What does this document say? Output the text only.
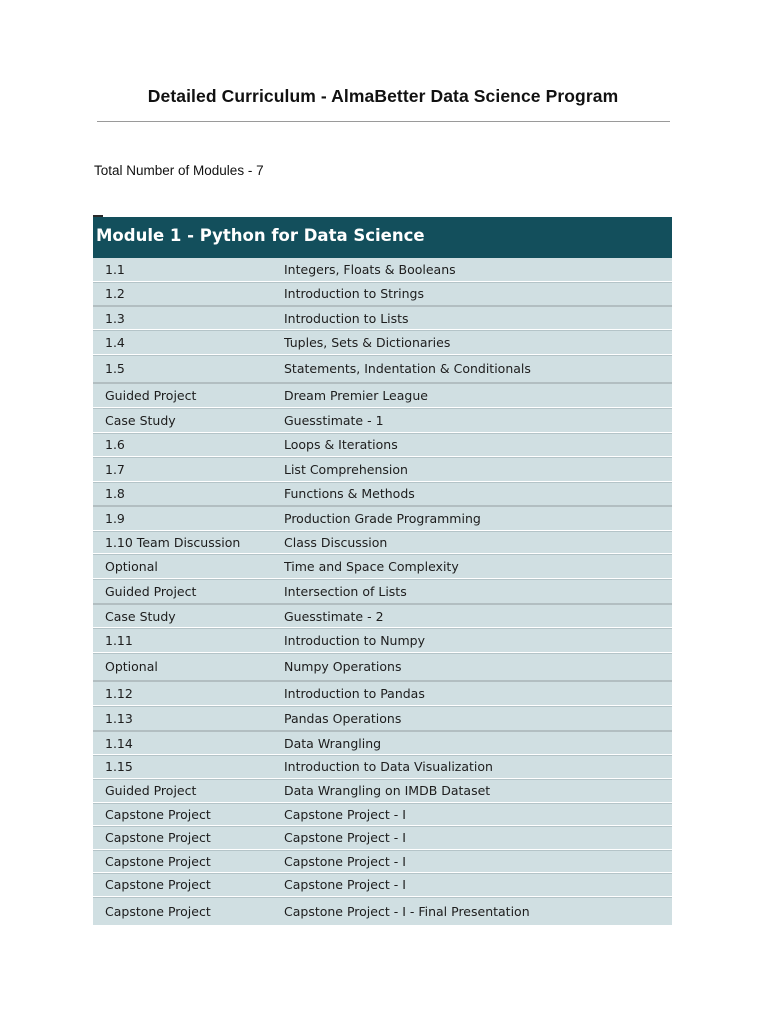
Detailed Curriculum - AlmaBetter Data Science Program
Total Number of Modules - 7
Module 1 - Python for Data Science
1.1	Integers, Floats & Booleans
1.2	Introduction to Strings
1.3	Introduction to Lists
1.4	Tuples, Sets & Dictionaries
1.5	Statements, Indentation & Conditionals
Guided Project	Dream Premier League
Case Study	Guesstimate - 1
1.6	Loops & Iterations
1.7	List Comprehension
1.8	Functions & Methods
1.9	Production Grade Programming
1.10 Team Discussion	Class Discussion
Optional	Time and Space Complexity
Guided Project	Intersection of Lists
Case Study	Guesstimate - 2
1.11	Introduction to Numpy
Optional	Numpy Operations
1.12	Introduction to Pandas
1.13	Pandas Operations
1.14	Data Wrangling
1.15	Introduction to Data Visualization
Guided Project	Data Wrangling on IMDB Dataset
Capstone Project	Capstone Project - I
Capstone Project	Capstone Project - I
Capstone Project	Capstone Project - I
Capstone Project	Capstone Project - I
Capstone Project	Capstone Project - I - Final Presentation
